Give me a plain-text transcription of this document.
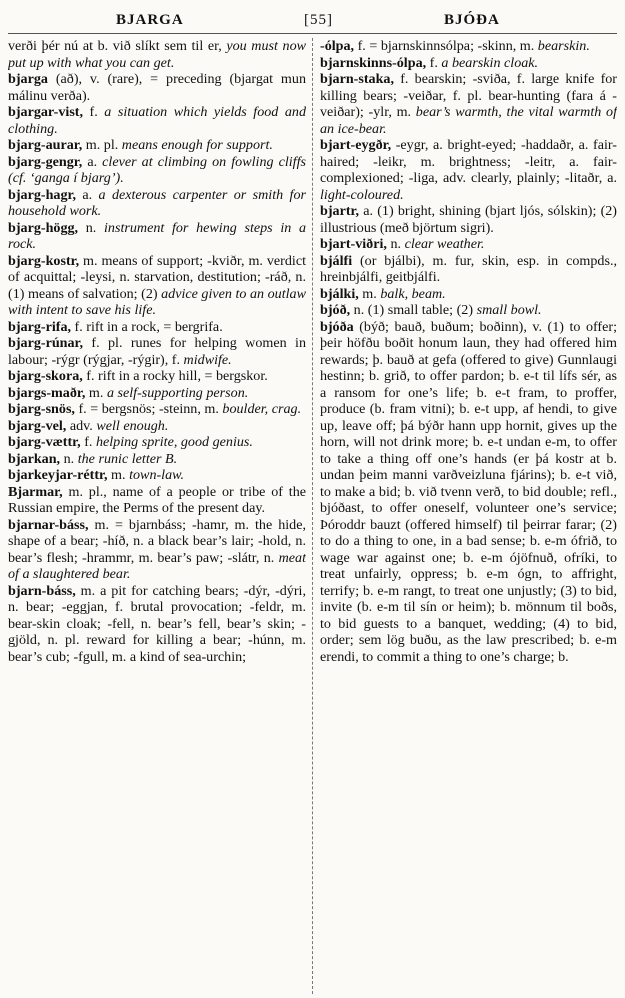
BJARGA	[55]	BJÓÐA

verði þér nú at b. við slíkt sem til er, you must now put up with what you can get.

bjarga (að), v. (rare), = preceding (bjargat mun málinu verða).

bjargar-vist, f. a situation which yields food and clothing.

bjarg-aurar, m. pl. means enough for support.

bjarg-gengr, a. clever at climbing on fowling cliffs (cf. ‘ganga í bjarg’).

bjarg-hagr, a. a dexterous carpenter or smith for household work.

bjarg-högg, n. instrument for hewing steps in a rock.

bjarg-kostr, m. means of support; -kviðr, m. verdict of acquittal; -leysi, n. starvation, destitution; -ráð, n. (1) means of salvation; (2) advice given to an outlaw with intent to save his life.

bjarg-rifa, f. rift in a rock, = bergrifa.

bjarg-rúnar, f. pl. runes for helping women in labour; -rýgr (rýgjar, -rýgir), f. midwife.

bjarg-skora, f. rift in a rocky hill, = bergskor.

bjargs-maðr, m. a self-supporting person.

bjarg-snös, f. = bergsnös; -steinn, m. boulder, crag.

bjarg-vel, adv. well enough.

bjarg-vættr, f. helping sprite, good genius.

bjarkan, n. the runic letter B.

bjarkeyjar-réttr, m. town-law.

Bjarmar, m. pl., name of a people or tribe of the Russian empire, the Perms of the present day.

bjarnar-báss, m. = bjarnbáss; -hamr, m. the hide, shape of a bear; -híð, n. a black bear’s lair; -hold, n. bear’s flesh; -hrammr, m. bear’s paw; -slátr, n. meat of a slaughtered bear.

bjarn-báss, m. a pit for catching bears; -dýr, -dýri, n. bear; -eggjan, f. brutal provocation; -feldr, m. bear-skin cloak; -fell, n. bear’s fell, bear’s skin; -gjöld, n. pl. reward for killing a bear; -húnn, m. bear’s cub; -fgull, m. a kind of sea-urchin;

-ólpa, f. = bjarnskinnsólpa; -skinn, m. bearskin.

bjarnskinns-ólpa, f. a bearskin cloak.

bjarn-staka, f. bearskin; -sviða, f. large knife for killing bears; -veiðar, f. pl. bear-hunting (fara á -veiðar); -ylr, m. bear’s warmth, the vital warmth of an ice-bear.

bjart-eygðr, -eygr, a. bright-eyed; -haddaðr, a. fair-haired; -leikr, m. brightness; -leitr, a. fair-complexioned; -liga, adv. clearly, plainly; -litaðr, a. light-coloured.

bjartr, a. (1) bright, shining (bjart ljós, sólskin); (2) illustrious (með björtum sigri).

bjart-viðri, n. clear weather.

bjálfi (or bjálbi), m. fur, skin, esp. in compds., hreinbjálfi, geitbjálfi.

bjálki, m. balk, beam.

bjóð, n. (1) small table; (2) small bowl.

bjóða (býð; bauð, buðum; boðinn), v. (1) to offer; þeir höfðu boðit honum laun, they had offered him rewards; þ. bauð at gefa (offered to give) Gunnlaugi hestinn; b. grið, to offer pardon; b. e-t til lífs sér, as a ransom for one’s life; b. e-t fram, to proffer, produce (b. fram vitni); b. e-t upp, af hendi, to give up, leave off; þá býðr hann upp hornit, gives up the horn, will not drink more; b. e-t undan e-m, to offer to take a thing off one’s hands (er þá kostr at b. undan þeim manni varðveizluna fjárins); b. e-t við, to make a bid; b. við tvenn verð, to bid double; refl., bjóðast, to offer oneself, volunteer one’s service; Þóroddr bauzt (offered himself) til þeirrar farar; (2) to do a thing to one, in a bad sense; b. e-m ófrið, to wage war against one; b. e-m ójöfnuð, ofríki, to treat unfairly, oppress; b. e-m ógn, to affright, terrify; b. e-m rangt, to treat one unjustly; (3) to bid, invite (b. e-m til sín or heim); b. mönnum til boðs, to bid guests to a banquet, wedding; (4) to bid, order; sem lög buðu, as the law prescribed; b. e-m erendi, to commit a thing to one’s charge; b.
